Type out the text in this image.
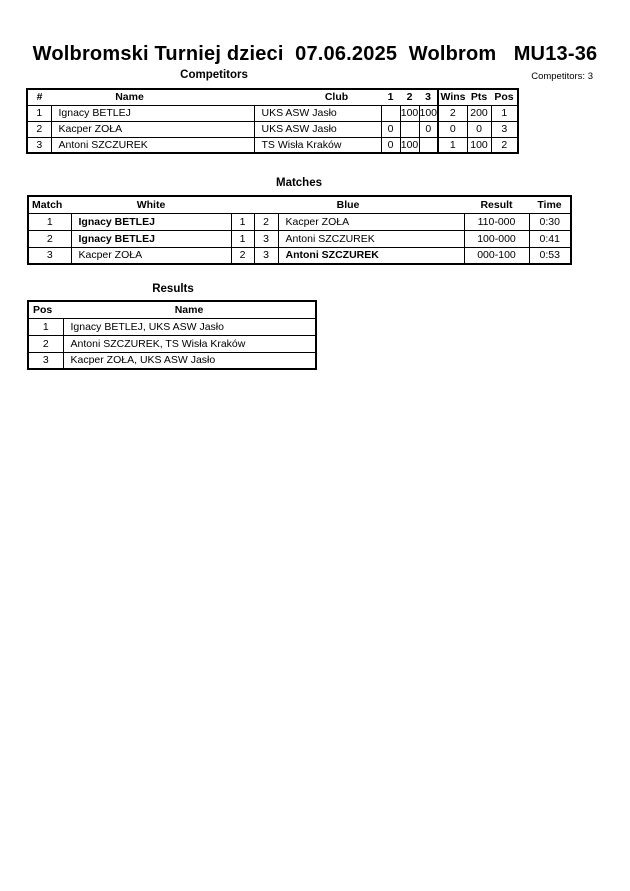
Wolbromski Turniej dzieci  07.06.2025  Wolbrom   MU13-36
Competitors	Competitors: 3
#	Name	Club	1	2	3	Wins	Pts	Pos
1	Ignacy BETLEJ	UKS ASW Jasło		100	100	2	200	1
2	Kacper ZOŁA	UKS ASW Jasło	0		0	0	0	3
3	Antoni SZCZUREK	TS Wisła Kraków	0	100		1	100	2
Matches
Match	White			Blue	Result	Time
1	Ignacy BETLEJ	1	2	Kacper ZOŁA	110-000	0:30
2	Ignacy BETLEJ	1	3	Antoni SZCZUREK	100-000	0:41
3	Kacper ZOŁA	2	3	Antoni SZCZUREK	000-100	0:53
Results
Pos	Name
1	Ignacy BETLEJ, UKS ASW Jasło
2	Antoni SZCZUREK, TS Wisła Kraków
3	Kacper ZOŁA, UKS ASW Jasło
